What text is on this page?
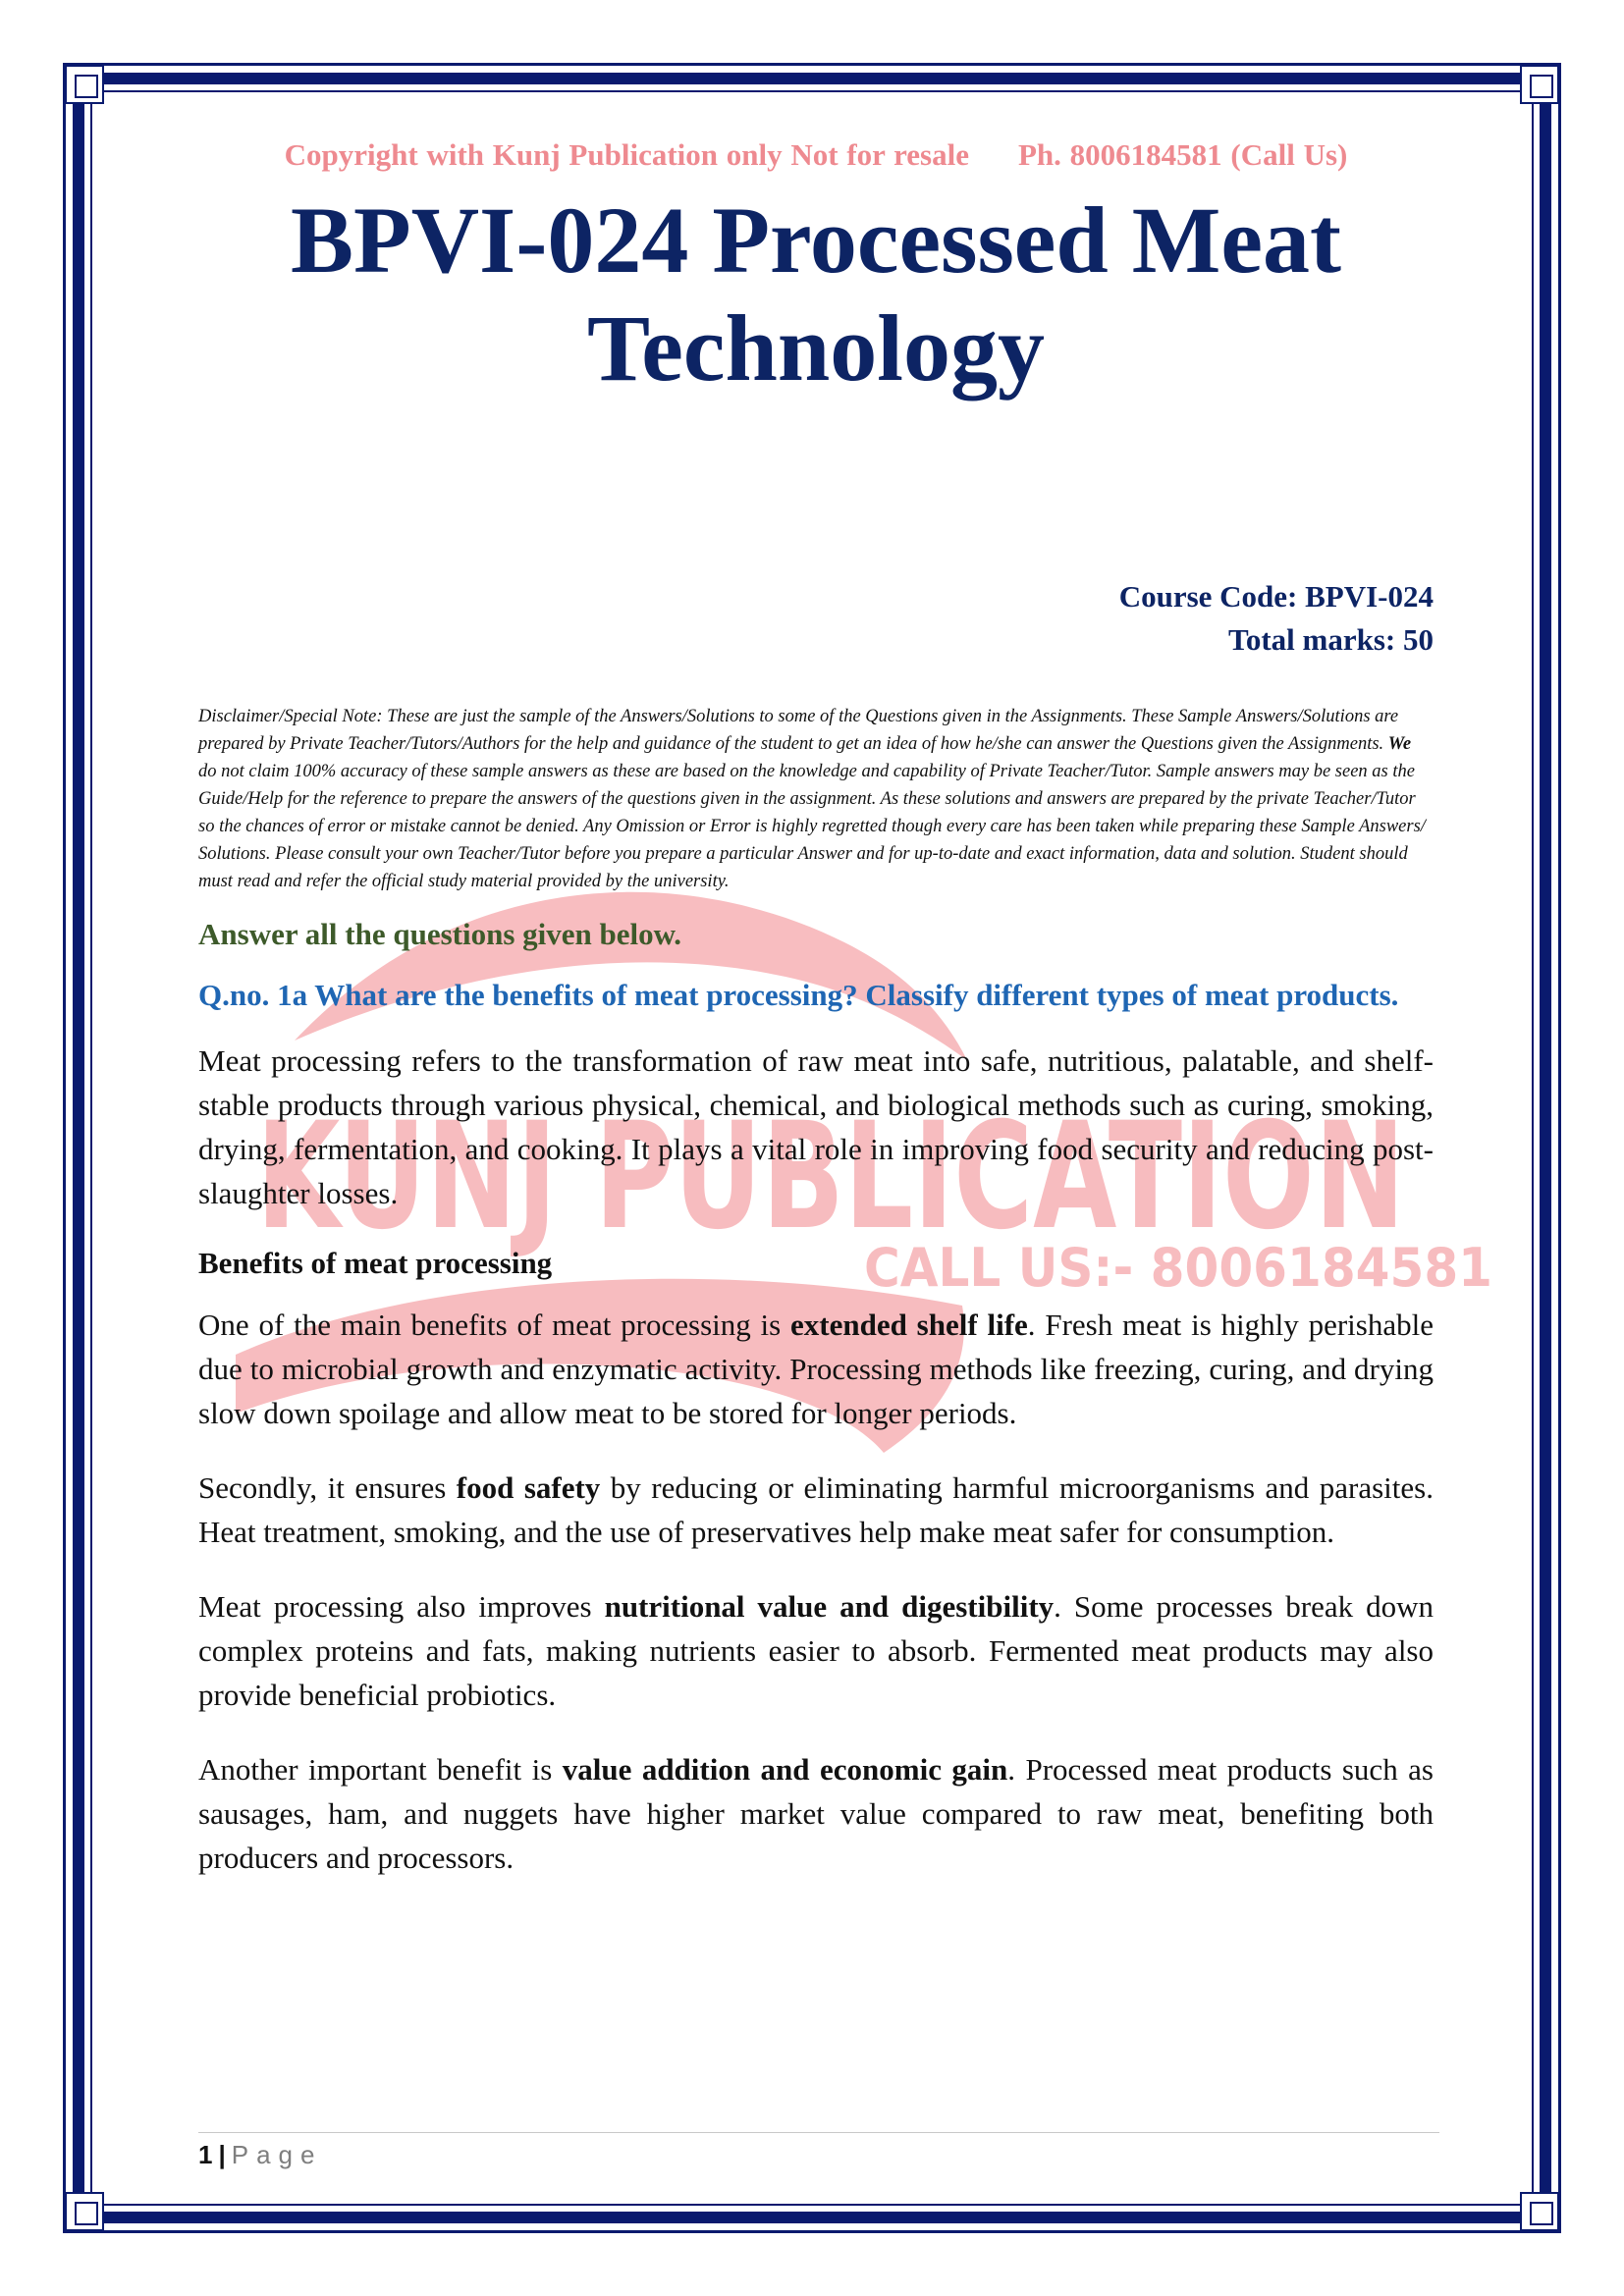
KUNJ PUBLICATION
CALL US:- 8006184581

Copyright with Kunj Publication only Not for resale Ph. 8006184581 (Call Us)

BPVI-024 Processed Meat
Technology
Course Code: BPVI-024
Total marks: 50

Disclaimer/Special Note: These are just the sample of the Answers/Solutions to some of the Questions given in the Assignments. These Sample Answers/Solutions are prepared by Private Teacher/Tutors/Authors for the help and guidance of the student to get an idea of how he/she can answer the Questions given the Assignments. We do not claim 100% accuracy of these sample answers as these are based on the knowledge and capability of Private Teacher/Tutor. Sample answers may be seen as the Guide/Help for the reference to prepare the answers of the questions given in the assignment. As these solutions and answers are prepared by the private Teacher/Tutor so the chances of error or mistake cannot be denied. Any Omission or Error is highly regretted though every care has been taken while preparing these Sample Answers/ Solutions. Please consult your own Teacher/Tutor before you prepare a particular Answer and for up-to-date and exact information, data and solution. Student should must read and refer the official study material provided by the university.

Answer all the questions given below.
Q.no. 1a What are the benefits of meat processing? Classify different types of meat products.

Meat processing refers to the transformation of raw meat into safe, nutritious, palatable, and shelf-stable products through various physical, chemical, and biological methods such as curing, smoking, drying, fermentation, and cooking. It plays a vital role in improving food security and reducing post-slaughter losses.

Benefits of meat processing

One of the main benefits of meat processing is extended shelf life. Fresh meat is highly perishable due to microbial growth and enzymatic activity. Processing methods like freezing, curing, and drying slow down spoilage and allow meat to be stored for longer periods.

Secondly, it ensures food safety by reducing or eliminating harmful microorganisms and parasites. Heat treatment, smoking, and the use of preservatives help make meat safer for consumption.

Meat processing also improves nutritional value and digestibility. Some processes break down complex proteins and fats, making nutrients easier to absorb. Fermented meat products may also provide beneficial probiotics.

Another important benefit is value addition and economic gain. Processed meat products such as sausages, ham, and nuggets have higher market value compared to raw meat, benefiting both producers and processors.

1 | Page
